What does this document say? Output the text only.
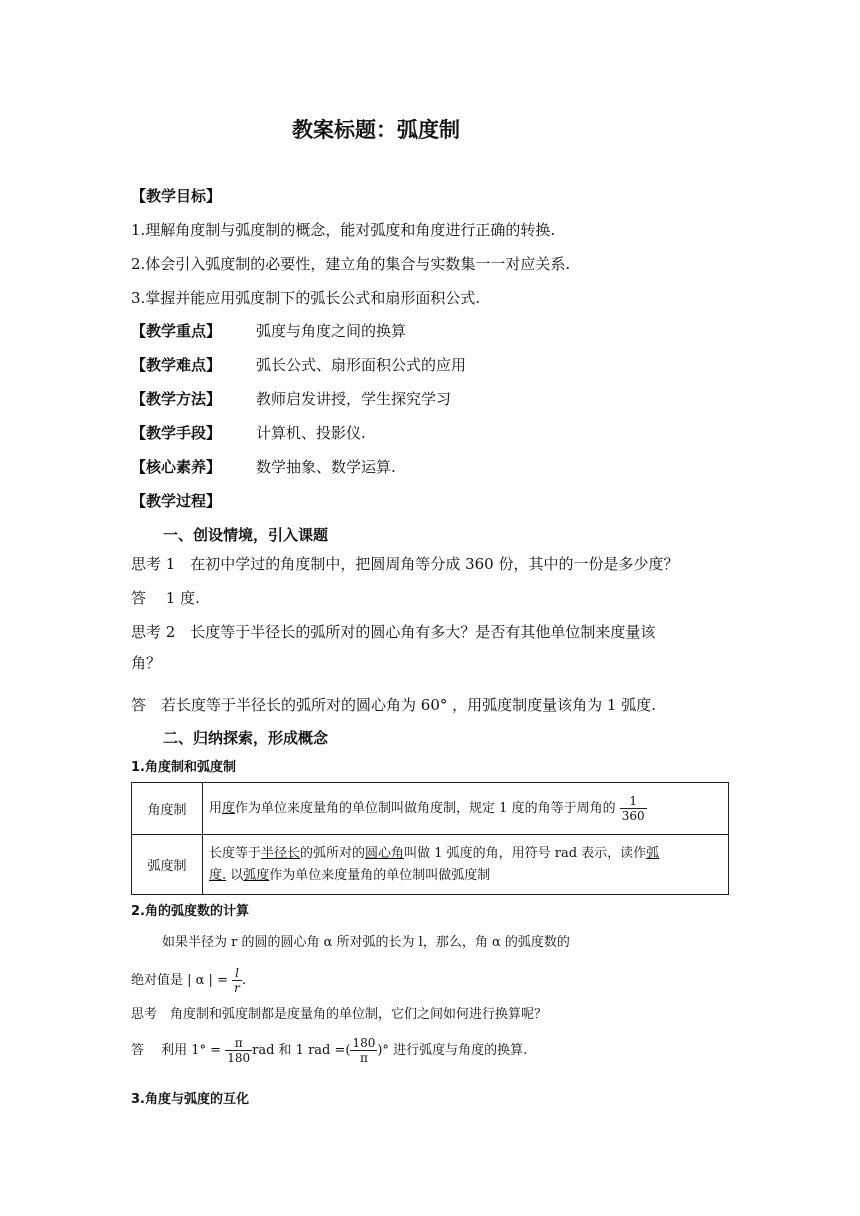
教案标题：弧度制
【教学目标】
1.理解角度制与弧度制的概念，能对弧度和角度进行正确的转换.
2.体会引入弧度制的必要性，建立角的集合与实数集一一对应关系.
3.掌握并能应用弧度制下的弧长公式和扇形面积公式.
【教学重点】 弧度与角度之间的换算
【教学难点】 弧长公式、扇形面积公式的应用
【教学方法】 教师启发讲授，学生探究学习
【教学手段】 计算机、投影仪.
【核心素养】 数学抽象、数学运算.
【教学过程】
一、创设情境，引入课题
思考 1　在初中学过的角度制中，把圆周角等分成 360 份，其中的一份是多少度？
答　 1 度.
思考 2　长度等于半径长的弧所对的圆心角有多大？是否有其他单位制来度量该
角？
答　若长度等于半径长的弧所对的圆心角为 60° ，用弧度制度量该角为 1 弧度.
二、归纳探索，形成概念
1.角度制和弧度制
角度制	用度作为单位来度量角的单位制叫做角度制，规定 1 度的角等于周角的 $\frac{1}{360}$

弧度制	长度等于半径长的弧所对的圆心角叫做 1 弧度的角，用符号 rad 表示，读作弧
度. 以弧度作为单位来度量角的单位制叫做弧度制
2.角的弧度数的计算
如果半径为 r 的圆的圆心角 α 所对弧的长为 l，那么，角 α 的弧度数的
绝对值是 | α | = $\frac{l}{r}$ .
思考　角度制和弧度制都是度量角的单位制，它们之间如何进行换算呢？
答　 利用 $1^\circ = \frac{\pi}{180}$ rad 和 1 rad =( $\frac{180}{\pi}$ )° 进行弧度与角度的换算.
3.角度与弧度的互化
